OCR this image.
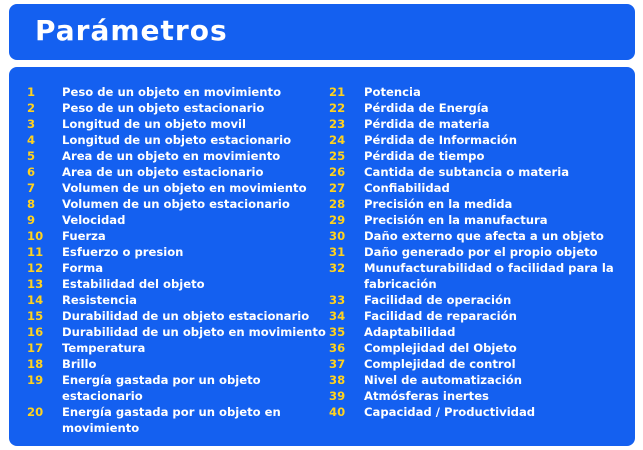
Parámetros
1	Peso de un objeto en movimiento
2	Peso de un objeto estacionario
3	Longitud de un objeto movil
4	Longitud de un objeto estacionario
5	Area de un objeto en movimiento
6	Area de un objeto estacionario
7	Volumen de un objeto en movimiento
8	Volumen de un objeto estacionario
9	Velocidad
10	Fuerza
11	Esfuerzo o presion
12	Forma
13	Estabilidad del objeto
14	Resistencia
15	Durabilidad de un objeto estacionario
16	Durabilidad de un objeto en movimiento
17	Temperatura
18	Brillo
19	Energía gastada por un objeto estacionario
20	Energía gastada por un objeto en movimiento
21	Potencia
22	Pérdida de Energía
23	Pérdida de materia
24	Pérdida de Información
25	Pérdida de tiempo
26	Cantida de subtancia o materia
27	Confiabilidad
28	Precisión en la medida
29	Precisión en la manufactura
30	Daño externo que afecta a un objeto
31	Daño generado por el propio objeto
32	Munufacturabilidad o facilidad para la fabricación
33	Facilidad de operación
34	Facilidad de reparación
35	Adaptabilidad
36	Complejidad del Objeto
37	Complejidad de control
38	Nivel de automatización
39	Atmósferas inertes
40	Capacidad / Productividad
